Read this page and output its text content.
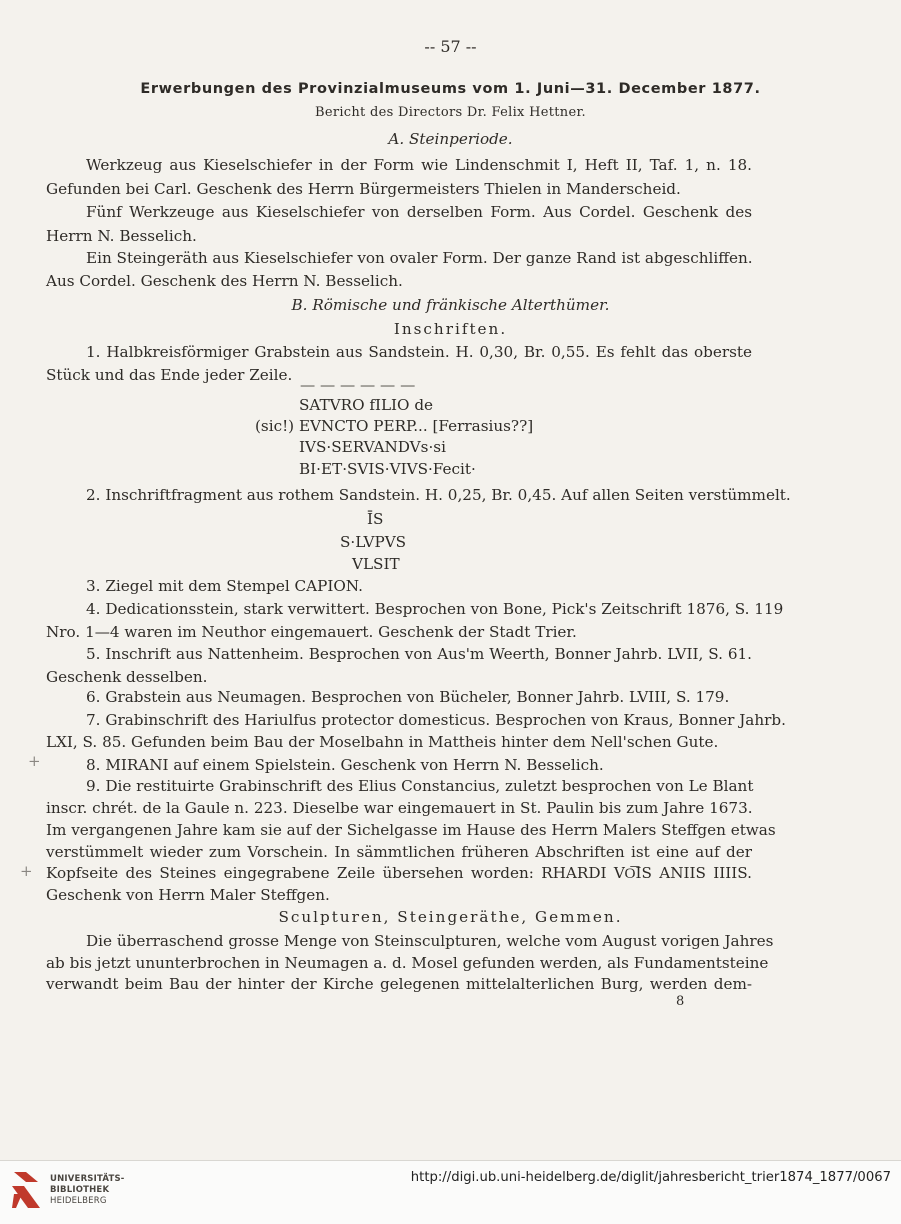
-- 57 --
Erwerbungen des Provinzialmuseums vom 1. Juni—31. December 1877.
Bericht des Directors Dr. Felix Hettner.
A. Steinperiode.
Werkzeug aus Kieselschiefer in der Form wie Lindenschmit I, Heft II, Taf. 1, n. 18.
Gefunden bei Carl. Geschenk des Herrn Bürgermeisters Thielen in Manderscheid.
Fünf Werkzeuge aus Kieselschiefer von derselben Form. Aus Cordel. Geschenk des
Herrn N. Besselich.
Ein Steingeräth aus Kieselschiefer von ovaler Form. Der ganze Rand ist abgeschliffen.
Aus Cordel. Geschenk des Herrn N. Besselich.
B. Römische und fränkische Alterthümer.
Inschriften.
1. Halbkreisförmiger Grabstein aus Sandstein. H. 0,30, Br. 0,55. Es fehlt das oberste
Stück und das Ende jeder Zeile.
— — — — — —
SATVRO fILIO de
(sic!) EVNCTO PERP... [Ferrasius??]
IVS·SERVANDVs·si
BI·ET·SVIS·VIVS·Fecit·
2. Inschriftfragment aus rothem Sandstein. H. 0,25, Br. 0,45. Auf allen Seiten verstümmelt.
ĪS
S·LVPVS
VLSIT
3. Ziegel mit dem Stempel CAPION.
4. Dedicationsstein, stark verwittert. Besprochen von Bone, Pick's Zeitschrift 1876, S. 119
Nro. 1—4 waren im Neuthor eingemauert. Geschenk der Stadt Trier.
5. Inschrift aus Nattenheim. Besprochen von Aus'm Weerth, Bonner Jahrb. LVII, S. 61.
Geschenk desselben.
6. Grabstein aus Neumagen. Besprochen von Bücheler, Bonner Jahrb. LVIII, S. 179.
7. Grabinschrift des Hariulfus protector domesticus. Besprochen von Kraus, Bonner Jahrb.
LXI, S. 85. Gefunden beim Bau der Moselbahn in Mattheis hinter dem Nell'schen Gute.
8. MIRANI auf einem Spielstein. Geschenk von Herrn N. Besselich.
9. Die restituirte Grabinschrift des Elius Constancius, zuletzt besprochen von Le Blant
inscr. chrét. de la Gaule n. 223. Dieselbe war eingemauert in St. Paulin bis zum Jahre 1673.
Im vergangenen Jahre kam sie auf der Sichelgasse im Hause des Herrn Malers Steffgen etwas
verstümmelt wieder zum Vorschein. In sämmtlichen früheren Abschriften ist eine auf der
Kopfseite des Steines eingegrabene Zeile übersehen worden: RHARDI VO͞IS ANIIS IIIIS.
Geschenk von Herrn Maler Steffgen.
Sculpturen, Steingeräthe, Gemmen.
Die überraschend grosse Menge von Steinsculpturen, welche vom August vorigen Jahres
ab bis jetzt ununterbrochen in Neumagen a. d. Mosel gefunden werden, als Fundamentsteine
verwandt beim Bau der hinter der Kirche gelegenen mittelalterlichen Burg, werden dem-
8
+
+
UNIVERSITÄTS-
BIBLIOTHEK
HEIDELBERG
http://digi.ub.uni-heidelberg.de/diglit/jahresbericht_trier1874_1877/0067
